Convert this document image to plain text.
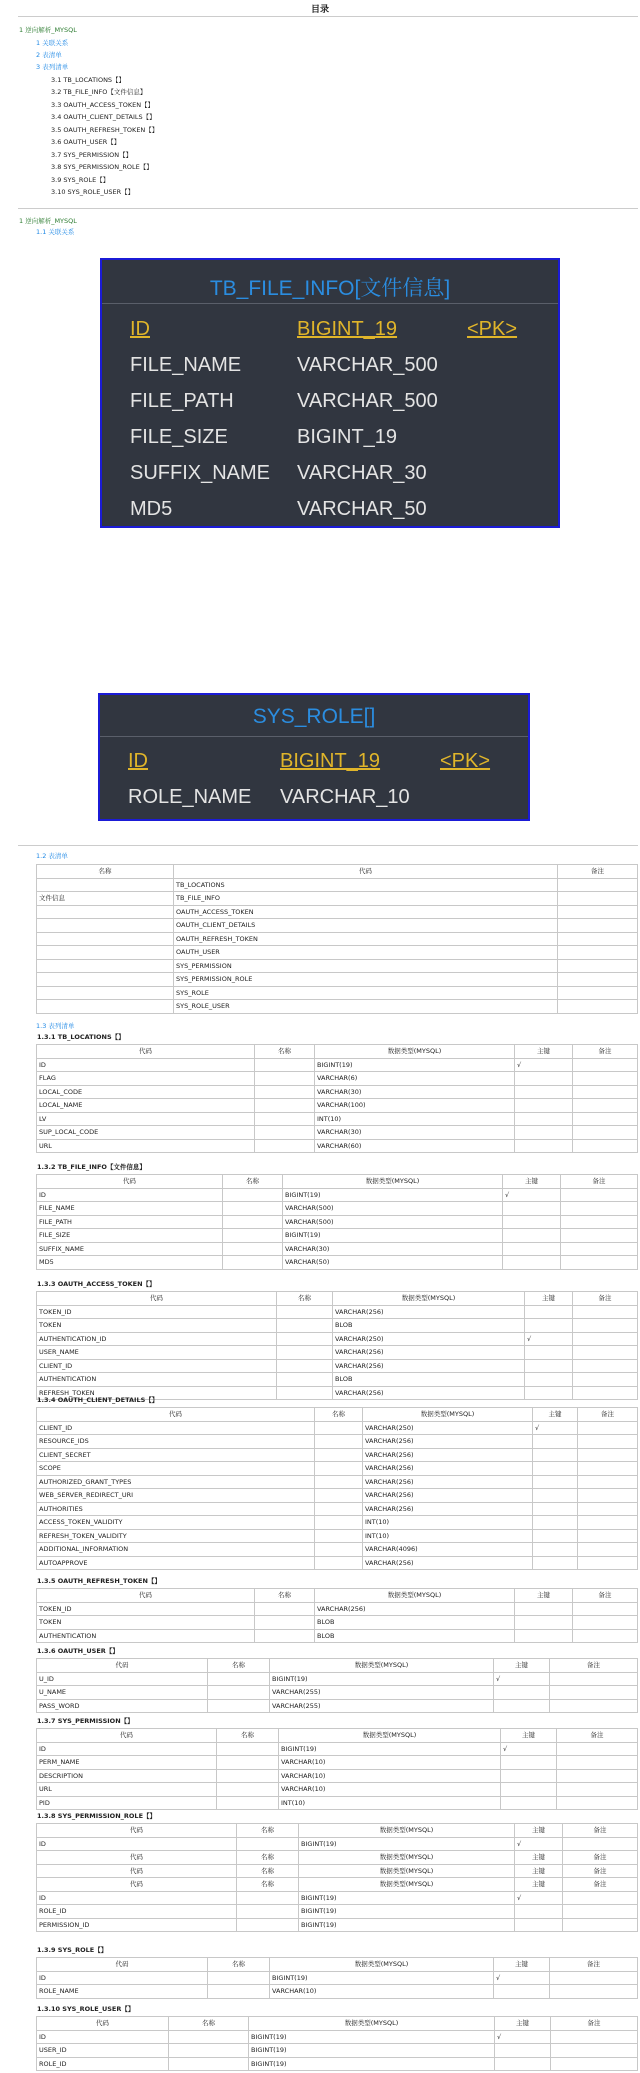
目录
1 逆向解析_MYSQL
1 关联关系
2 表清单
3 表列清单
3.1 TB_LOCATIONS【】
3.2 TB_FILE_INFO【文件信息】
3.3 OAUTH_ACCESS_TOKEN【】
3.4 OAUTH_CLIENT_DETAILS【】
3.5 OAUTH_REFRESH_TOKEN【】
3.6 OAUTH_USER【】
3.7 SYS_PERMISSION【】
3.8 SYS_PERMISSION_ROLE【】
3.9 SYS_ROLE【】
3.10 SYS_ROLE_USER【】
1 逆向解析_MYSQL
1.1 关联关系
TB_FILE_INFO[文件信息]
ID	BIGINT_19	<PK>
FILE_NAME	VARCHAR_500
FILE_PATH	VARCHAR_500
FILE_SIZE	BIGINT_19
SUFFIX_NAME VARCHAR_30
MD5	VARCHAR_50
SYS_ROLE[]
ID	BIGINT_19	<PK>
ROLE_NAME VARCHAR_10
1.2 表清单
名称	代码	备注
	TB_LOCATIONS	
文件信息	TB_FILE_INFO	
	OAUTH_ACCESS_TOKEN	
	OAUTH_CLIENT_DETAILS	
	OAUTH_REFRESH_TOKEN	
	OAUTH_USER	
	SYS_PERMISSION	
	SYS_PERMISSION_ROLE	
	SYS_ROLE	
	SYS_ROLE_USER	
1.3 表列清单
1.3.1 TB_LOCATIONS【】
代码	名称	数据类型(MYSQL)	主键	备注
ID		BIGINT(19)	√	
FLAG		VARCHAR(6)		
LOCAL_CODE		VARCHAR(30)		
LOCAL_NAME		VARCHAR(100)		
LV		INT(10)		
SUP_LOCAL_CODE		VARCHAR(30)		
URL		VARCHAR(60)		
1.3.2 TB_FILE_INFO【文件信息】
代码	名称	数据类型(MYSQL)	主键	备注
ID		BIGINT(19)	√	
FILE_NAME		VARCHAR(500)		
FILE_PATH		VARCHAR(500)		
FILE_SIZE		BIGINT(19)		
SUFFIX_NAME		VARCHAR(30)		
MD5		VARCHAR(50)		
1.3.3 OAUTH_ACCESS_TOKEN【】
代码	名称	数据类型(MYSQL)	主键	备注
TOKEN_ID		VARCHAR(256)		
TOKEN		BLOB		
AUTHENTICATION_ID		VARCHAR(250)	√	
USER_NAME		VARCHAR(256)		
CLIENT_ID		VARCHAR(256)		
AUTHENTICATION		BLOB		
REFRESH_TOKEN		VARCHAR(256)		
1.3.4 OAUTH_CLIENT_DETAILS【】
代码	名称	数据类型(MYSQL)	主键	备注
CLIENT_ID		VARCHAR(250)	√	
RESOURCE_IDS		VARCHAR(256)		
CLIENT_SECRET		VARCHAR(256)		
SCOPE		VARCHAR(256)		
AUTHORIZED_GRANT_TYPES		VARCHAR(256)		
WEB_SERVER_REDIRECT_URI		VARCHAR(256)		
AUTHORITIES		VARCHAR(256)		
ACCESS_TOKEN_VALIDITY		INT(10)		
REFRESH_TOKEN_VALIDITY		INT(10)		
ADDITIONAL_INFORMATION		VARCHAR(4096)		
AUTOAPPROVE		VARCHAR(256)		
1.3.5 OAUTH_REFRESH_TOKEN【】
代码	名称	数据类型(MYSQL)	主键	备注
TOKEN_ID		VARCHAR(256)		
TOKEN		BLOB		
AUTHENTICATION		BLOB		
1.3.6 OAUTH_USER【】
代码	名称	数据类型(MYSQL)	主键	备注
U_ID		BIGINT(19)	√	
U_NAME		VARCHAR(255)		
PASS_WORD		VARCHAR(255)		
1.3.7 SYS_PERMISSION【】
代码	名称	数据类型(MYSQL)	主键	备注
ID		BIGINT(19)	√	
PERM_NAME		VARCHAR(10)		
DESCRIPTION		VARCHAR(10)		
URL		VARCHAR(10)		
PID		INT(10)		
1.3.8 SYS_PERMISSION_ROLE【】
代码	名称	数据类型(MYSQL)	主键	备注
ID		BIGINT(19)	√	
代码	名称	数据类型(MYSQL)	主键	备注
代码	名称	数据类型(MYSQL)	主键	备注
代码	名称	数据类型(MYSQL)	主键	备注
ID		BIGINT(19)	√	
ROLE_ID		BIGINT(19)		
PERMISSION_ID		BIGINT(19)		
1.3.9 SYS_ROLE【】
代码	名称	数据类型(MYSQL)	主键	备注
ID		BIGINT(19)	√	
ROLE_NAME		VARCHAR(10)		
1.3.10 SYS_ROLE_USER【】
代码	名称	数据类型(MYSQL)	主键	备注
ID		BIGINT(19)	√	
USER_ID		BIGINT(19)		
ROLE_ID		BIGINT(19)		
